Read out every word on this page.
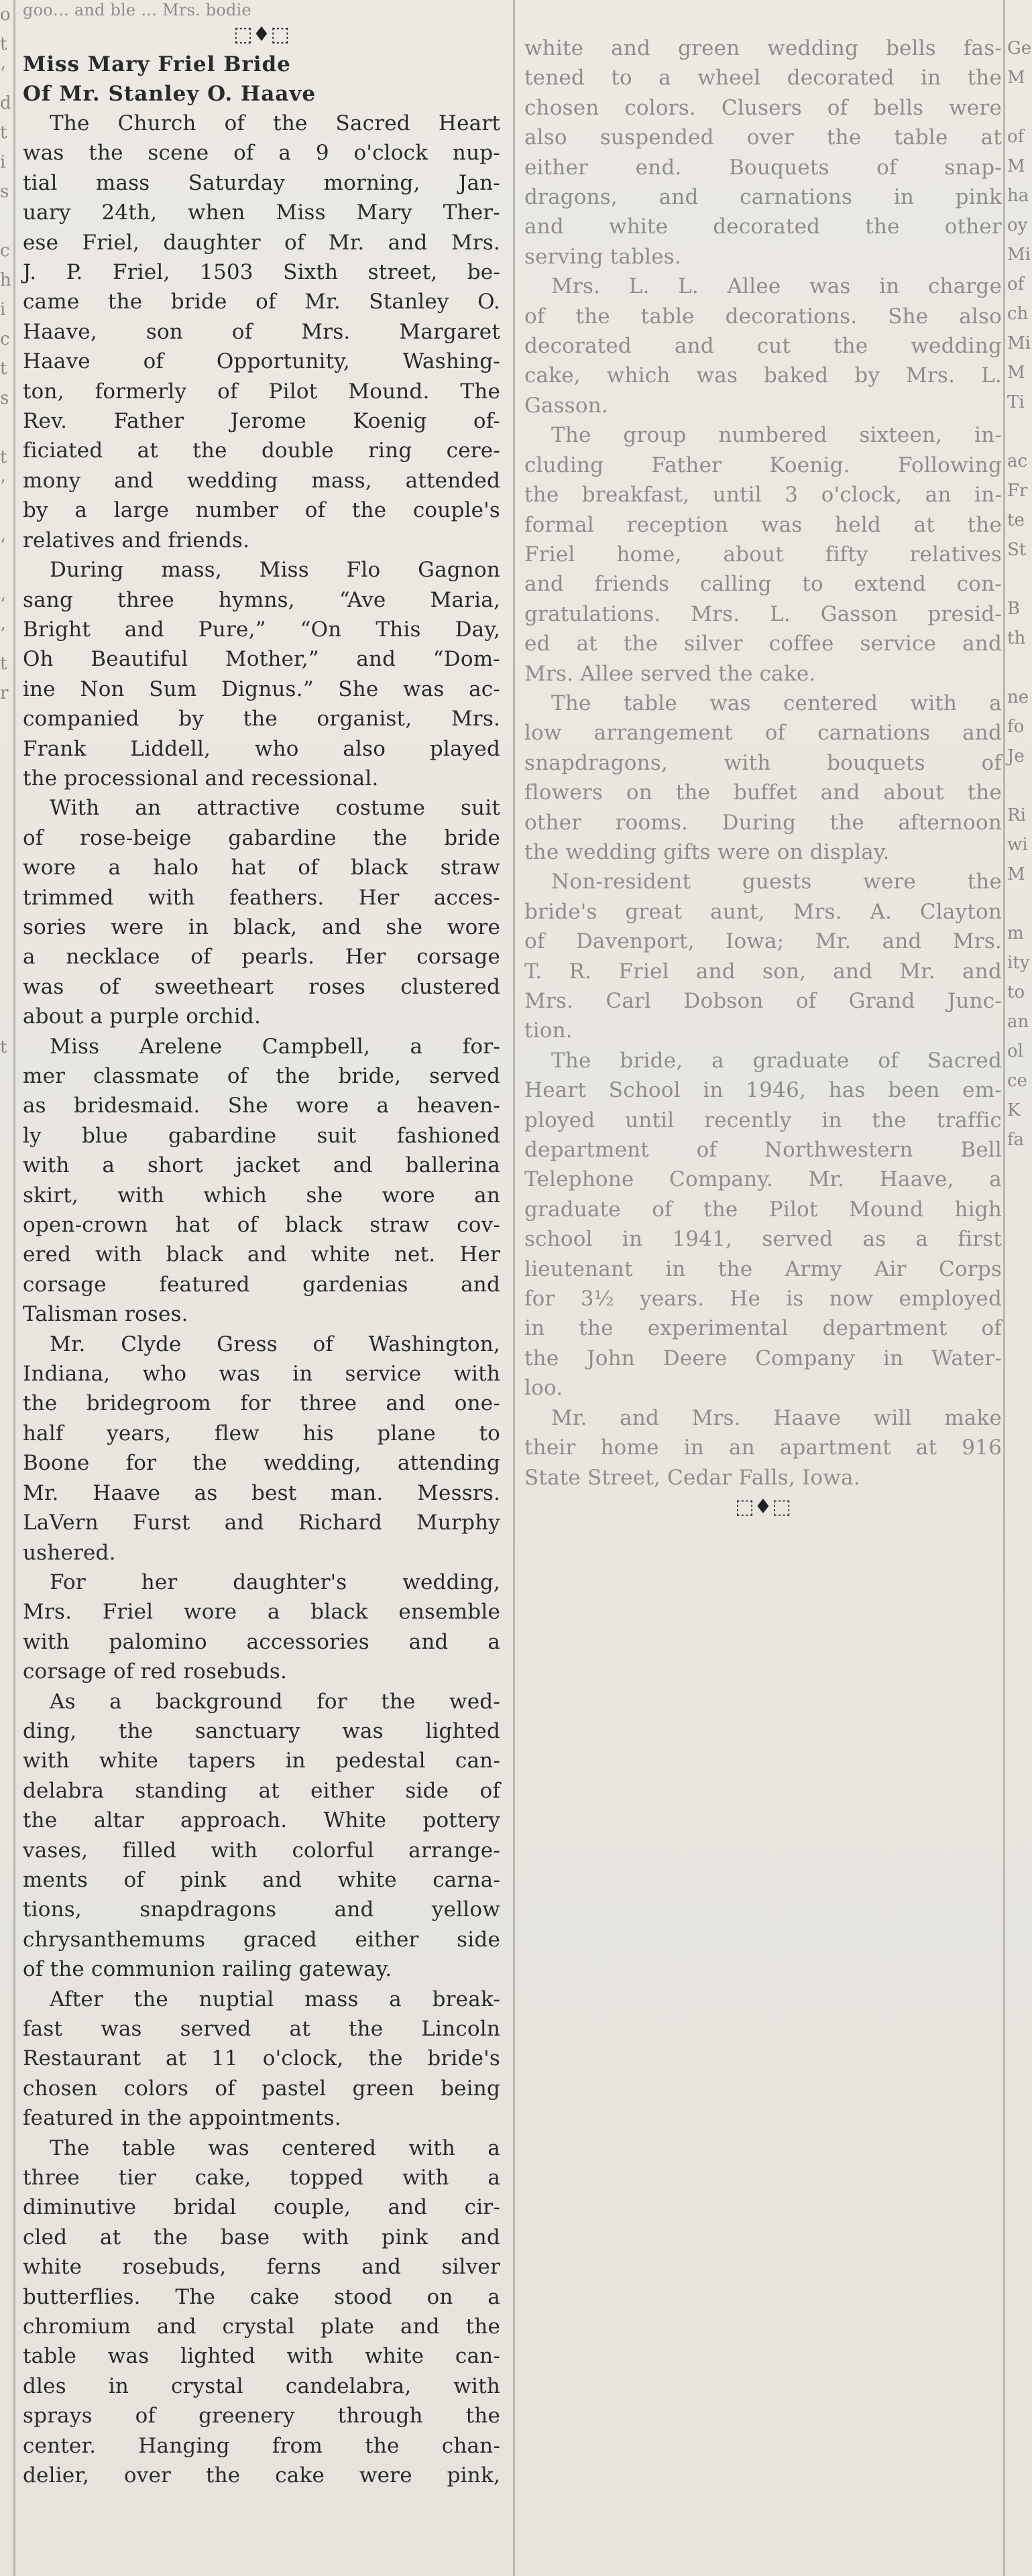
o
t
’
d
t
i
s
c
h
i
c
t
s
t
’
‘
‘
’
t
r
t
goo… and ble … Mrs. bodie
⬚♦⬚
Miss Mary Friel Bride
Of Mr. Stanley O. Haave
The Church of the Sacred Heart
was the scene of a 9 o'clock nup-
tial mass Saturday morning, Jan-
uary 24th, when Miss Mary Ther-
ese Friel, daughter of Mr. and Mrs.
J. P. Friel, 1503 Sixth street, be-
came the bride of Mr. Stanley O.
Haave, son of Mrs. Margaret
Haave of Opportunity, Washing-
ton, formerly of Pilot Mound. The
Rev. Father Jerome Koenig of-
ficiated at the double ring cere-
mony and wedding mass, attended
by a large number of the couple's
relatives and friends.
During mass, Miss Flo Gagnon
sang three hymns, “Ave Maria,
Bright and Pure,” “On This Day,
Oh Beautiful Mother,” and “Dom-
ine Non Sum Dignus.” She was ac-
companied by the organist, Mrs.
Frank Liddell, who also played
the processional and recessional.
With an attractive costume suit
of rose-beige gabardine the bride
wore a halo hat of black straw
trimmed with feathers. Her acces-
sories were in black, and she wore
a necklace of pearls. Her corsage
was of sweetheart roses clustered
about a purple orchid.
Miss Arelene Campbell, a for-
mer classmate of the bride, served
as bridesmaid. She wore a heaven-
ly blue gabardine suit fashioned
with a short jacket and ballerina
skirt, with which she wore an
open-crown hat of black straw cov-
ered with black and white net. Her
corsage featured gardenias and
Talisman roses.
Mr. Clyde Gress of Washington,
Indiana, who was in service with
the bridegroom for three and one-
half years, flew his plane to
Boone for the wedding, attending
Mr. Haave as best man. Messrs.
LaVern Furst and Richard Murphy
ushered.
For her daughter's wedding,
Mrs. Friel wore a black ensemble
with palomino accessories and a
corsage of red rosebuds.
As a background for the wed-
ding, the sanctuary was lighted
with white tapers in pedestal can-
delabra standing at either side of
the altar approach. White pottery
vases, filled with colorful arrange-
ments of pink and white carna-
tions, snapdragons and yellow
chrysanthemums graced either side
of the communion railing gateway.
After the nuptial mass a break-
fast was served at the Lincoln
Restaurant at 11 o'clock, the bride's
chosen colors of pastel green being
featured in the appointments.
The table was centered with a
three tier cake, topped with a
diminutive bridal couple, and cir-
cled at the base with pink and
white rosebuds, ferns and silver
butterflies. The cake stood on a
chromium and crystal plate and the
table was lighted with white can-
dles in crystal candelabra, with
sprays of greenery through the
center. Hanging from the chan-
delier, over the cake were pink,
white and green wedding bells fas-
tened to a wheel decorated in the
chosen colors. Clusers of bells were
also suspended over the table at
either end. Bouquets of snap-
dragons, and carnations in pink
and white decorated the other
serving tables.
Mrs. L. L. Allee was in charge
of the table decorations. She also
decorated and cut the wedding
cake, which was baked by Mrs. L.
Gasson.
The group numbered sixteen, in-
cluding Father Koenig. Following
the breakfast, until 3 o'clock, an in-
formal reception was held at the
Friel home, about fifty relatives
and friends calling to extend con-
gratulations. Mrs. L. Gasson presid-
ed at the silver coffee service and
Mrs. Allee served the cake.
The table was centered with a
low arrangement of carnations and
snapdragons, with bouquets of
flowers on the buffet and about the
other rooms. During the afternoon
the wedding gifts were on display.
Non-resident guests were the
bride's great aunt, Mrs. A. Clayton
of Davenport, Iowa; Mr. and Mrs.
T. R. Friel and son, and Mr. and
Mrs. Carl Dobson of Grand Junc-
tion.
The bride, a graduate of Sacred
Heart School in 1946, has been em-
ployed until recently in the traffic
department of Northwestern Bell
Telephone Company. Mr. Haave, a
graduate of the Pilot Mound high
school in 1941, served as a first
lieutenant in the Army Air Corps
for 3½ years. He is now employed
in the experimental department of
the John Deere Company in Water-
loo.
Mr. and Mrs. Haave will make
their home in an apartment at 916
State Street, Cedar Falls, Iowa.
⬚♦⬚
Ge
M
of
M
ha
oy
Mi
of
ch
Mi
M
Ti
ac
Fr
te
St
B
th
ne
fo
Je
Ri
wi
M
m
ity
to
an
ol
ce
K
fa
